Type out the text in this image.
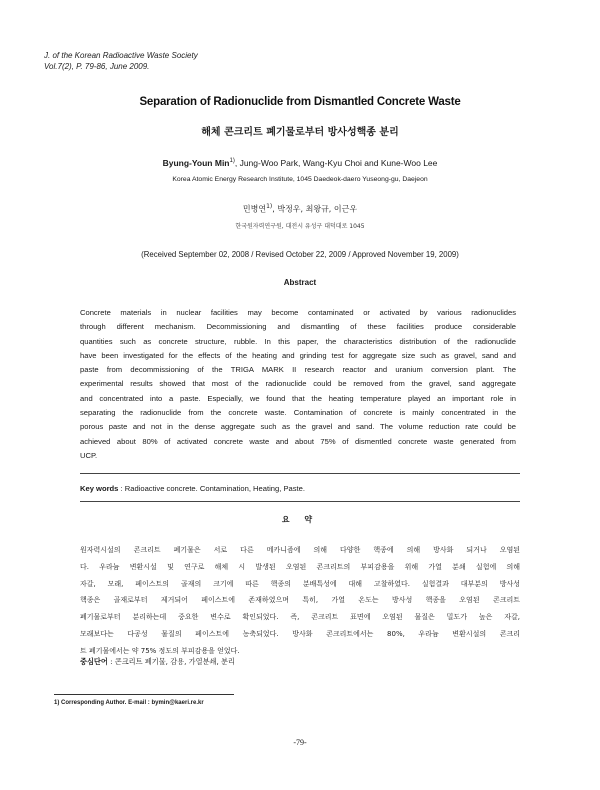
J. of the Korean Radioactive Waste Society
Vol.7(2), P. 79-86, June 2009.
Separation of Radionuclide from Dismantled Concrete Waste
해체 콘크리트 폐기물로부터 방사성핵종 분리
Byung-Youn Min$^{1)}$, Jung-Woo Park, Wang-Kyu Choi and Kune-Woo Lee
Korea Atomic Energy Research Institute, 1045 Daedeok-daero Yuseong-gu, Daejeon
민병연$^{1)}$, 박정우, 최왕규, 이근우
한국원자력연구원, 대전시 유성구 대덕대로 1045
(Received September 02, 2008 / Revised October 22, 2009 / Approved November 19, 2009)
Abstract
Concrete materials in nuclear facilities may become contaminated or activated by various radionuclides
through different mechanism. Decommissioning and dismantling of these facilities produce considerable
quantities such as concrete structure, rubble. In this paper, the characteristics distribution of the radionuclide
have been investigated for the effects of the heating and grinding test for aggregate size such as gravel, sand and
paste from decommissioning of the TRIGA MARK II research reactor and uranium conversion plant. The
experimental results showed that most of the radionuclide could be removed from the gravel, sand aggregate
and concentrated into a paste. Especially, we found that the heating temperature played an important role in
separating the radionuclide from the concrete waste. Contamination of concrete is mainly concentrated in the
porous paste and not in the dense aggregate such as the gravel and sand. The volume reduction rate could be
achieved about 80% of activated concrete waste and about 75% of dismentled concrete waste generated from
UCP.
Key words : Radioactive concrete. Contamination, Heating, Paste.
요 약
원자력시설의 콘크리트 폐기물은 서로 다른 메카니즘에 의해 다양한 핵종에 의해 방사화 되거나 오염된
다. 우라늄 변환시설 및 연구로 해체 시 발생된 오염된 콘크리트의 부피감용을 위해 가열 분쇄 실험에 의해
자갈, 모래, 페이스트의 골재의 크기에 따른 핵종의 분배특성에 대해 고찰하였다. 실험결과 대부분의 방사성
핵종은 골재로부터 제거되어 페이스트에 존재하였으며 특히, 가열 온도는 방사성 핵종을 오염된 콘크리트
폐기물로부터 분리하는데 중요한 변수로 확인되었다. 즉, 콘크리트 표면에 오염된 물질은 밀도가 높은 자갈,
모래보다는 다공성 물질의 페이스트에 농축되었다. 방사화 콘크리트에서는 80%, 우라늄 변환시설의 콘크리
트 폐기물에서는 약 75% 정도의 부피감용을 얻었다.
중심단어 : 콘크리트 폐기물, 감용, 가열분쇄, 분리
1) Corresponding Author. E-mail : bymin@kaeri.re.kr
-79-
